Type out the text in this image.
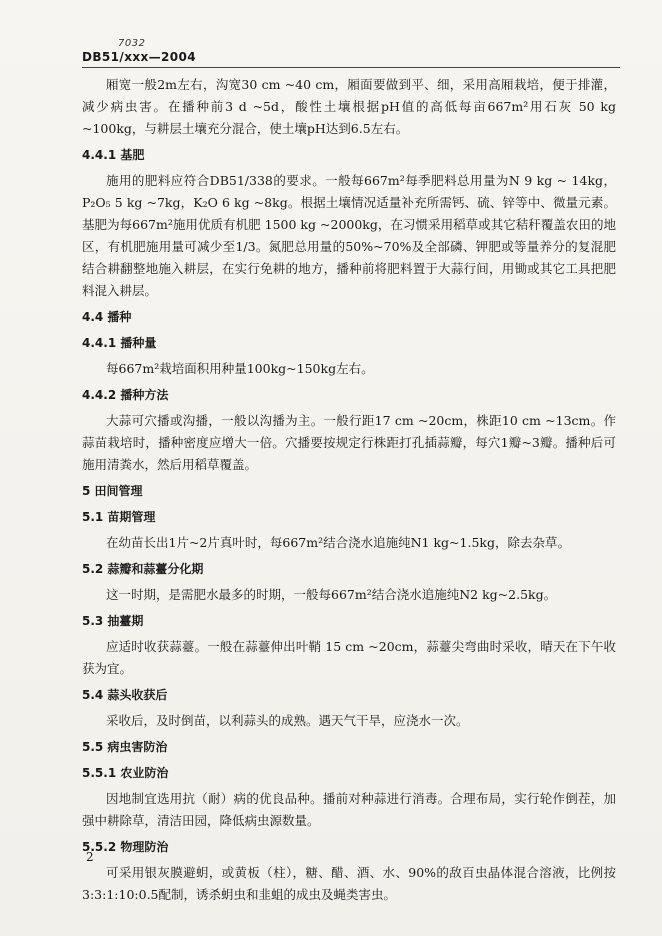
7032
DB51/xxx—2004

厢宽一般2m左右，沟宽30 cm ~40 cm，厢面要做到平、细，采用高厢栽培，便于排灌，减少病虫害。在播种前3 d ~5d，酸性土壤根据pH值的高低每亩667m²用石灰 50 kg ~100kg，与耕层土壤充分混合，使土壤pH达到6.5左右。

4.4.1 基肥

施用的肥料应符合DB51/338的要求。一般每667m²每季肥料总用量为N 9 kg ~ 14kg，P₂O₅ 5 kg ~7kg，K₂O 6 kg ~8kg。根据土壤情况适量补充所需钙、硫、锌等中、微量元素。基肥为每667m²施用优质有机肥 1500 kg ~2000kg，在习惯采用稻草或其它秸秆覆盖农田的地区，有机肥施用量可减少至1/3。氮肥总用量的50%~70%及全部磷、钾肥或等量养分的复混肥结合耕翻整地施入耕层，在实行免耕的地方，播种前将肥料置于大蒜行间，用锄或其它工具把肥料混入耕层。

4.4 播种
4.4.1 播种量

每667m²栽培面积用种量100kg~150kg左右。

4.4.2 播种方法

大蒜可穴播或沟播，一般以沟播为主。一般行距17 cm ~20cm，株距10 cm ~13cm。作蒜苗栽培时，播种密度应增大一倍。穴播要按规定行株距打孔插蒜瓣，每穴1瓣~3瓣。播种后可施用清粪水，然后用稻草覆盖。

5 田间管理
5.1 苗期管理

在幼苗长出1片~2片真叶时，每667m²结合浇水追施纯N1 kg~1.5kg，除去杂草。

5.2 蒜瓣和蒜薹分化期

这一时期，是需肥水最多的时期，一般每667m²结合浇水追施纯N2 kg~2.5kg。

5.3 抽薹期

应适时收获蒜薹。一般在蒜薹伸出叶鞘 15 cm ~20cm，蒜薹尖弯曲时采收，晴天在下午收获为宜。

5.4 蒜头收获后

采收后，及时倒苗，以利蒜头的成熟。遇天气干旱，应浇水一次。

5.5 病虫害防治
5.5.1 农业防治

因地制宜选用抗（耐）病的优良品种。播前对种蒜进行消毒。合理布局，实行轮作倒茬，加强中耕除草，清洁田园，降低病虫源数量。

5.5.2 物理防治

可采用银灰膜避蚏，或黄板（柱），糖、醋、酒、水、90%的敌百虫晶体混合溶液，比例按 3:3:1:10:0.5配制，诱杀蚏虫和韭蛆的成虫及蝇类害虫。

2
